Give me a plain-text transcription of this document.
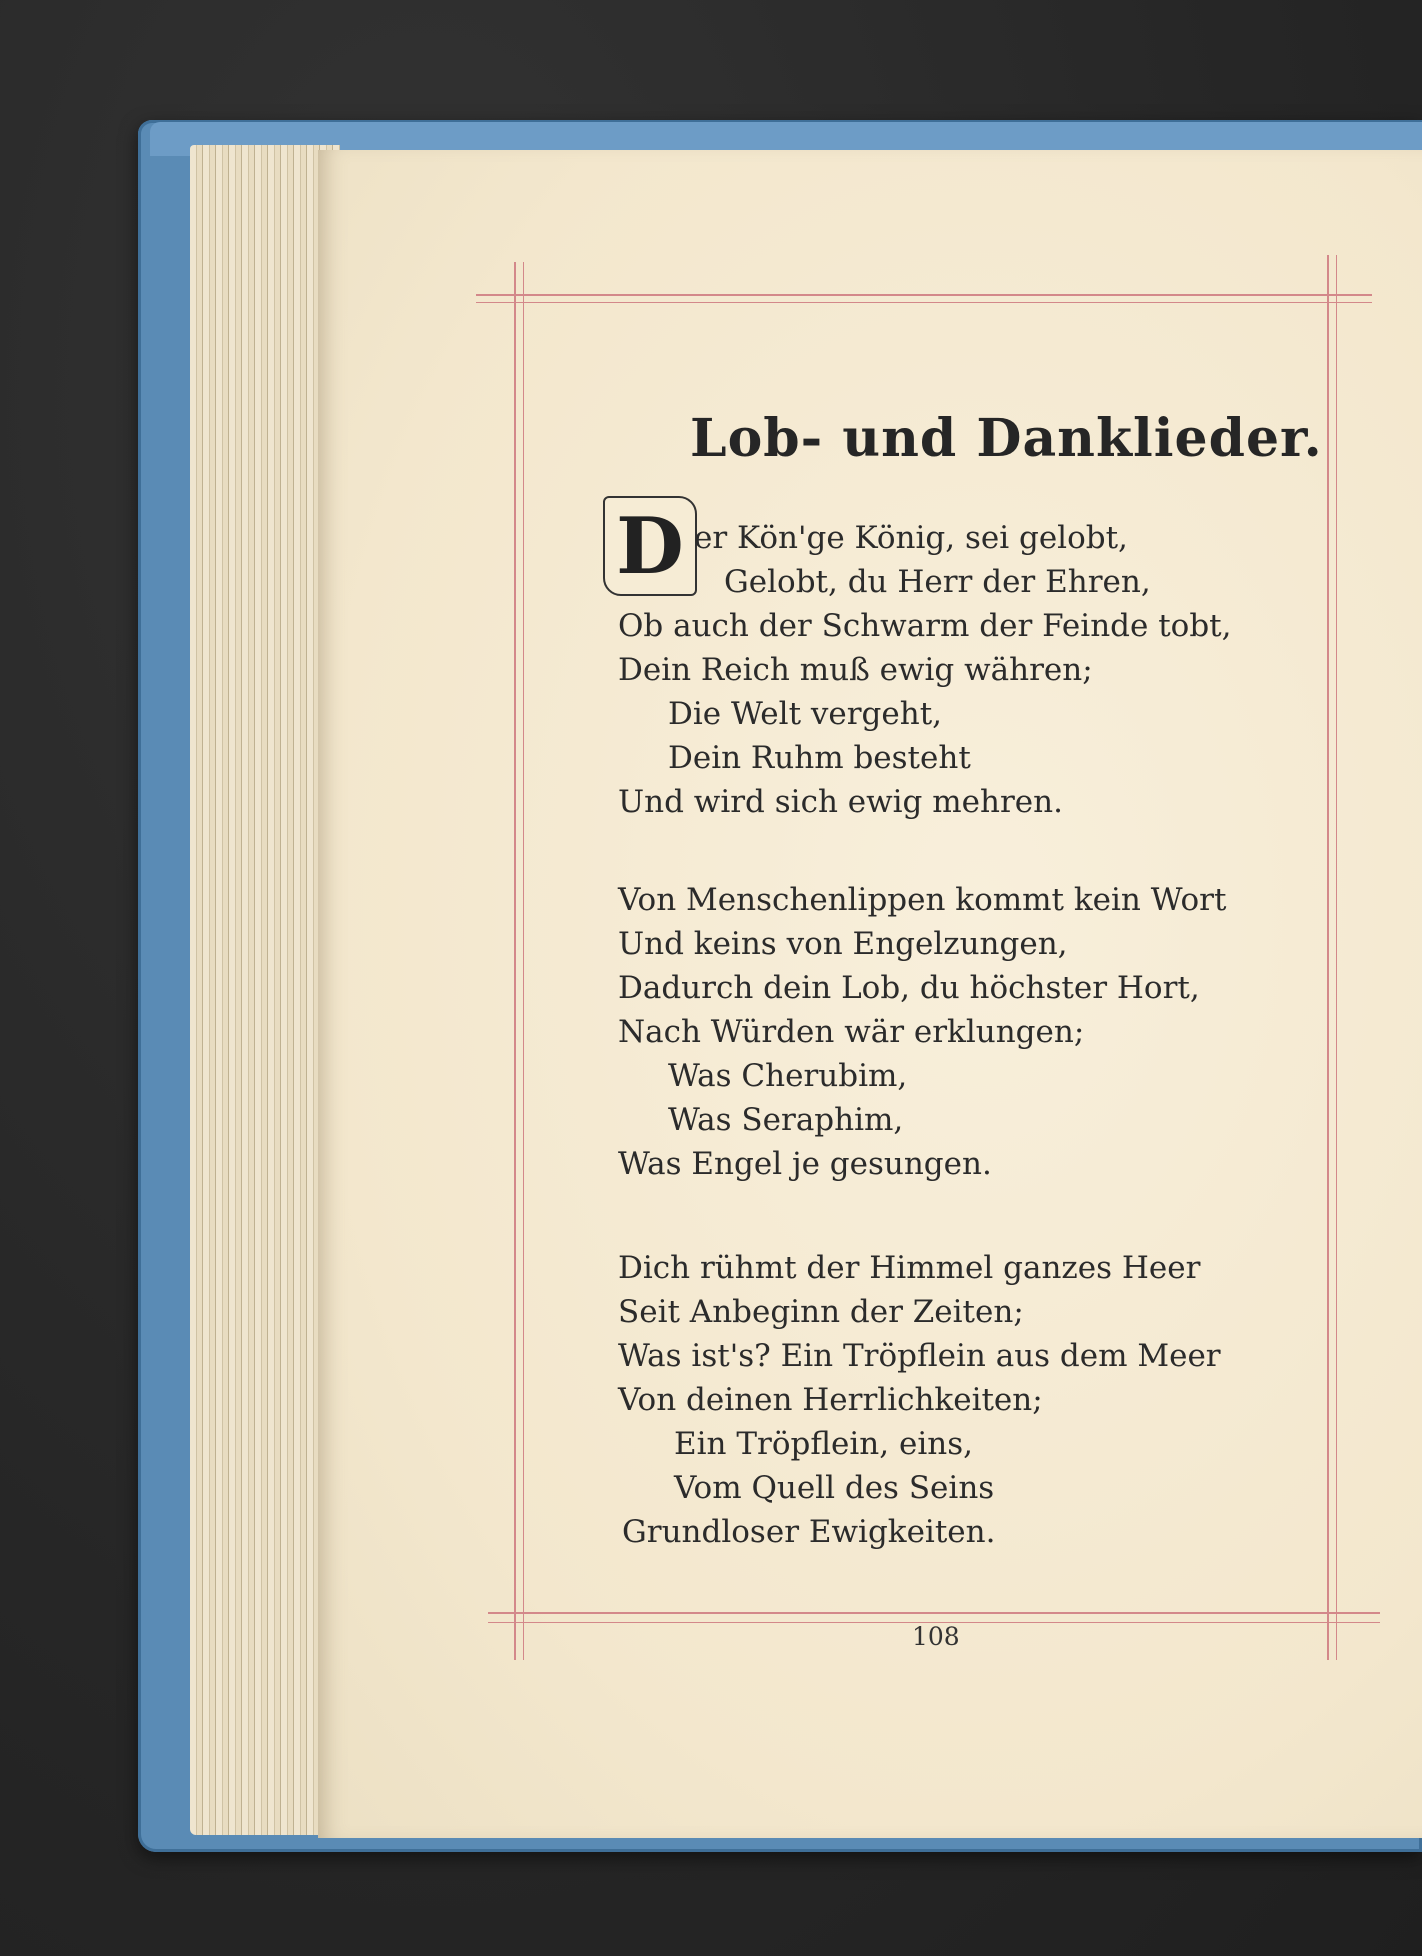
Lob- und Danklieder.
D er Kön'ge König, sei gelobt,
Gelobt, du Herr der Ehren,
Ob auch der Schwarm der Feinde tobt,
Dein Reich muß ewig währen;
Die Welt vergeht,
Dein Ruhm besteht
Und wird sich ewig mehren.
Von Menschenlippen kommt kein Wort
Und keins von Engelzungen,
Dadurch dein Lob, du höchster Hort,
Nach Würden wär erklungen;
Was Cherubim,
Was Seraphim,
Was Engel je gesungen.
Dich rühmt der Himmel ganzes Heer
Seit Anbeginn der Zeiten;
Was ist's? Ein Tröpflein aus dem Meer
Von deinen Herrlichkeiten;
Ein Tröpflein, eins,
Vom Quell des Seins
Grundloser Ewigkeiten.
108
